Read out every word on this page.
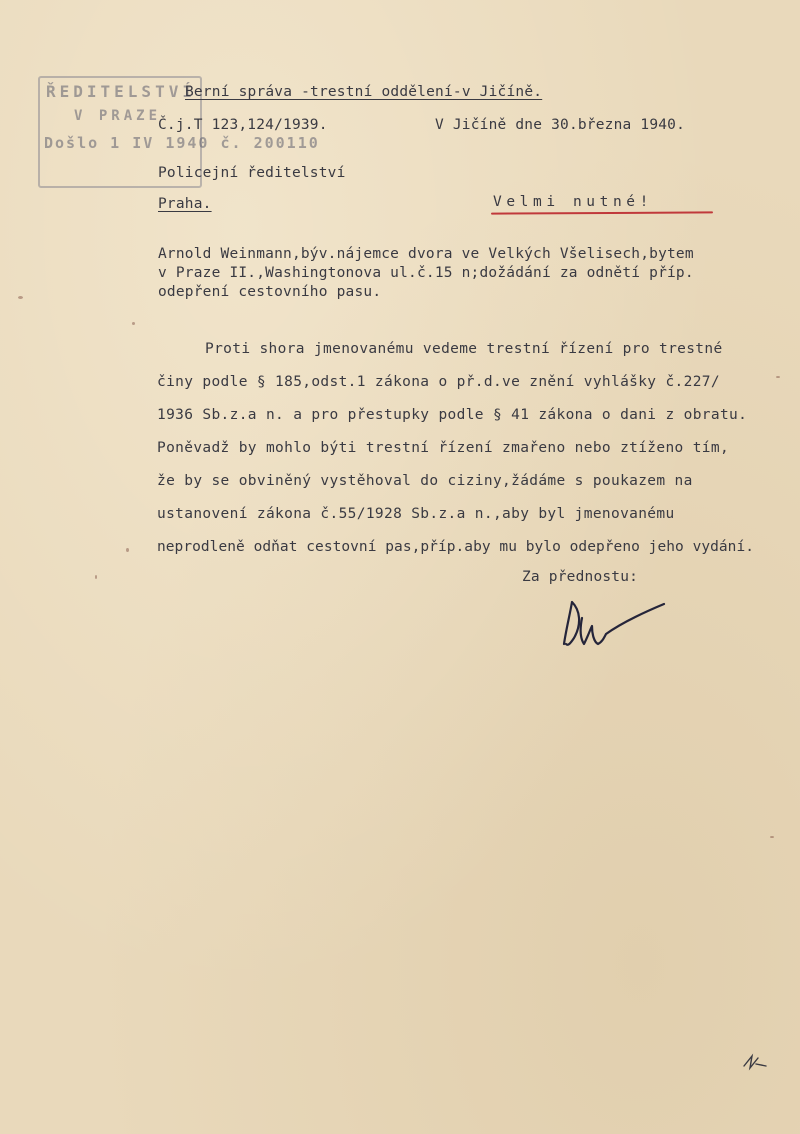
ŘEDITELSTVÍ
V PRAZE
Došlo 1 IV 1940 č. 200110
Berní správa -trestní oddělení-v Jičíně.
Č.j.T 123,124/1939.	V Jičíně dne 30.března 1940.
Policejní ředitelství
Praha.	Velmi nutné!
Arnold Weinmann,býv.nájemce dvora ve Velkých Všelisech,bytem
v Praze II.,Washingtonova ul.č.15 n;dožádání za odnětí příp.
odepření cestovního pasu.
Proti shora jmenovanému vedeme trestní řízení pro trestné
činy podle § 185,odst.1 zákona o př.d.ve znění vyhlášky č.227/
1936 Sb.z.a n. a pro přestupky podle § 41 zákona o dani z obratu.
Poněvadž by mohlo býti trestní řízení zmařeno nebo ztíženo tím,
že by se obviněný vystěhoval do ciziny,žádáme s poukazem na
ustanovení zákona č.55/1928 Sb.z.a n.,aby byl jmenovanému
neprodleně odňat cestovní pas,příp.aby mu bylo odepřeno jeho vydání.
Za přednostu:
